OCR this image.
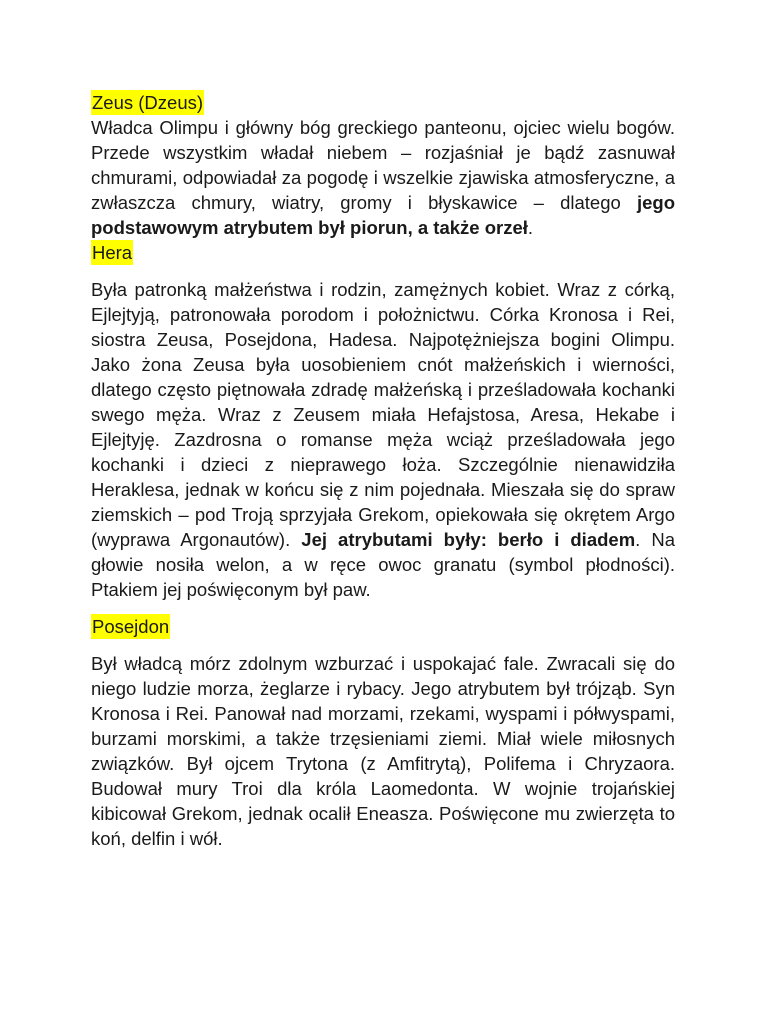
Zeus (Dzeus)

Władca Olimpu i główny bóg greckiego panteonu, ojciec wielu bogów. Przede wszystkim władał niebem – rozjaśniał je bądź zasnuwał chmurami, odpowiadał za pogodę i wszelkie zjawiska atmosferyczne, a zwłaszcza chmury, wiatry, gromy i błyskawice – dlatego jego podstawowym atrybutem był piorun, a także orzeł.

Hera

Była patronką małżeństwa i rodzin, zamężnych kobiet. Wraz z córką, Ejlejtyją, patronowała porodom i położnictwu. Córka Kronosa i Rei, siostra Zeusa, Posejdona, Hadesa. Najpotężniejsza bogini Olimpu. Jako żona Zeusa była uosobieniem cnót małżeńskich i wierności, dlatego często piętnowała zdradę małżeńską i prześladowała kochanki swego męża. Wraz z Zeusem miała Hefajstosa, Aresa, Hekabe i Ejlejtyję. Zazdrosna o romanse męża wciąż prześladowała jego kochanki i dzieci z nieprawego łoża. Szczególnie nienawidziła Heraklesa, jednak w końcu się z nim pojednała. Mieszała się do spraw ziemskich – pod Troją sprzyjała Grekom, opiekowała się okrętem Argo (wyprawa Argonautów). Jej atrybutami były: berło i diadem. Na głowie nosiła welon, a w ręce owoc granatu (symbol płodności). Ptakiem jej poświęconym był paw.

Posejdon

Był władcą mórz zdolnym wzburzać i uspokajać fale. Zwracali się do niego ludzie morza, żeglarze i rybacy. Jego atrybutem był trójząb. Syn Kronosa i Rei. Panował nad morzami, rzekami, wyspami i półwyspami, burzami morskimi, a także trzęsieniami ziemi. Miał wiele miłosnych związków. Był ojcem Trytona (z Amfitrytą), Polifema i Chryzaora. Budował mury Troi dla króla Laomedonta. W wojnie trojańskiej kibicował Grekom, jednak ocalił Eneasza. Poświęcone mu zwierzęta to koń, delfin i wół.
